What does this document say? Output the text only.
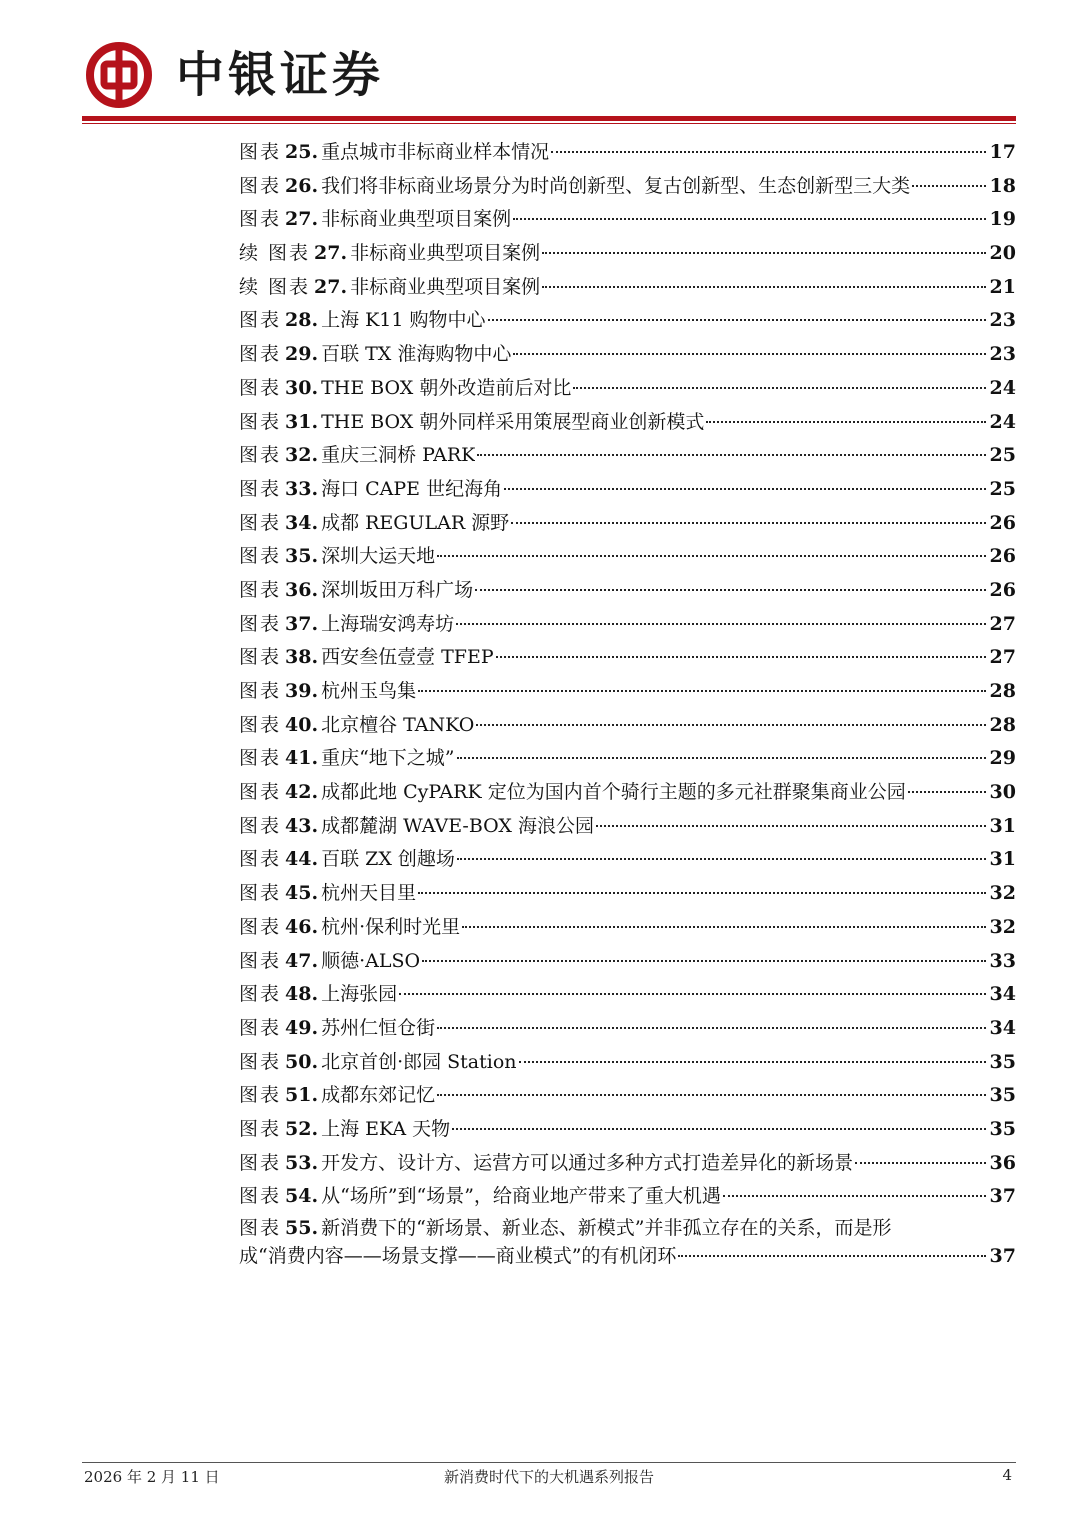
中银证券
图表 25. 重点城市非标商业样本情况	17
图表 26. 我们将非标商业场景分为时尚创新型、复古创新型、生态创新型三大类	18
图表 27. 非标商业典型项目案例	19
续 图表 27. 非标商业典型项目案例	20
续 图表 27. 非标商业典型项目案例	21
图表 28. 上海 K11 购物中心	23
图表 29. 百联 TX 淮海购物中心	23
图表 30. THE BOX 朝外改造前后对比	24
图表 31. THE BOX 朝外同样采用策展型商业创新模式	24
图表 32. 重庆三洞桥 PARK	25
图表 33. 海口 CAPE 世纪海角	25
图表 34. 成都 REGULAR 源野	26
图表 35. 深圳大运天地	26
图表 36. 深圳坂田万科广场	26
图表 37. 上海瑞安鸿寿坊	27
图表 38. 西安叁伍壹壹 TFEP	27
图表 39. 杭州玉鸟集	28
图表 40. 北京檀谷 TANKO	28
图表 41. 重庆“地下之城”	29
图表 42. 成都此地 CyPARK 定位为国内首个骑行主题的多元社群聚集商业公园	30
图表 43. 成都麓湖 WAVE-BOX 海浪公园	31
图表 44. 百联 ZX 创趣场	31
图表 45. 杭州天目里	32
图表 46. 杭州·保利时光里	32
图表 47. 顺德·ALSO	33
图表 48. 上海张园	34
图表 49. 苏州仁恒仓街	34
图表 50. 北京首创·郎园 Station	35
图表 51. 成都东郊记忆	35
图表 52. 上海 EKA 天物	35
图表 53. 开发方、设计方、运营方可以通过多种方式打造差异化的新场景	36
图表 54. 从“场所”到“场景”，给商业地产带来了重大机遇	37
图表 55. 新消费下的“新场景、新业态、新模式”并非孤立存在的关系，而是形
成“消费内容——场景支撑——商业模式”的有机闭环	37
2026 年 2 月 11 日	新消费时代下的大机遇系列报告	4
